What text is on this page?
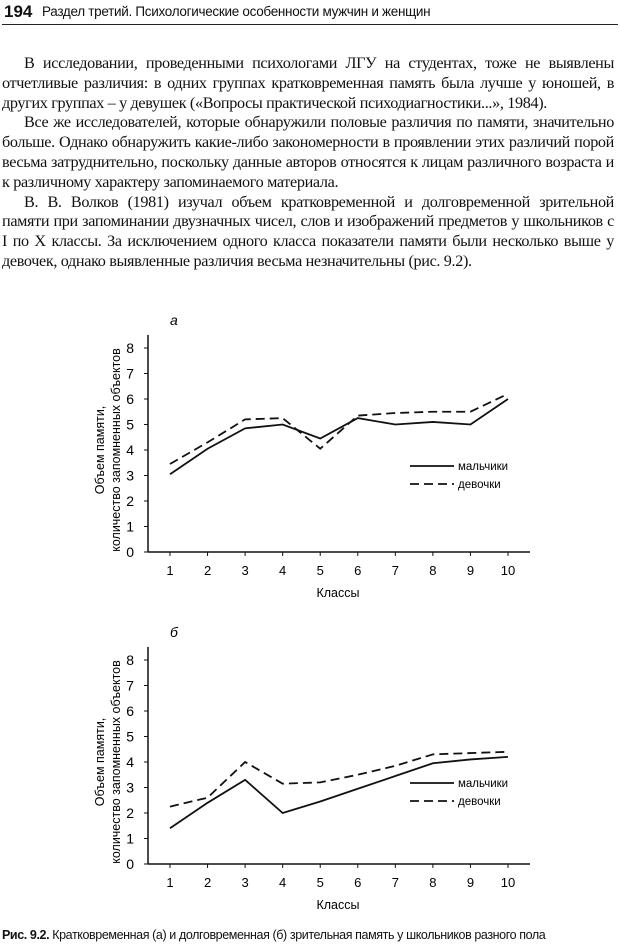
194 Раздел третий. Психологические особенности мужчин и женщин

В исследовании, проведенными психологами ЛГУ на студентах, тоже не выявлены отчетливые различия: в одних группах кратковременная память была лучше у юношей, в других группах – у девушек («Вопросы практической психодиагностики...», 1984).

Все же исследователей, которые обнаружили половые различия по памяти, значительно больше. Однако обнаружить какие-либо закономерности в проявлении этих различий порой весьма затруднительно, поскольку данные авторов относятся к лицам различного возраста и к различному характеру запоминаемого материала.

В. В. Волков (1981) изучал объем кратковременной и долговременной зрительной памяти при запоминании двузначных чисел, слов и изображений предметов у школьников с I по X классы. За исключением одного класса показатели памяти были несколько выше у девочек, однако выявленные различия весьма незначительны (рис. 9.2).

а
0
1
2
3
4
5
6
7
8
1 2 3 4 5 6 7 8 9 10
Классы
Объем памяти, количество запомненных объектов	мальчики
девочки
б
0
1
2
3
4
5
6
7
8
1 2 3 4 5 6 7 8 9 10
Классы
Объем памяти, количество запомненных объектов	мальчики
девочки
Рис. 9.2. Кратковременная (а) и долговременная (б) зрительная память у школьников разного пола
